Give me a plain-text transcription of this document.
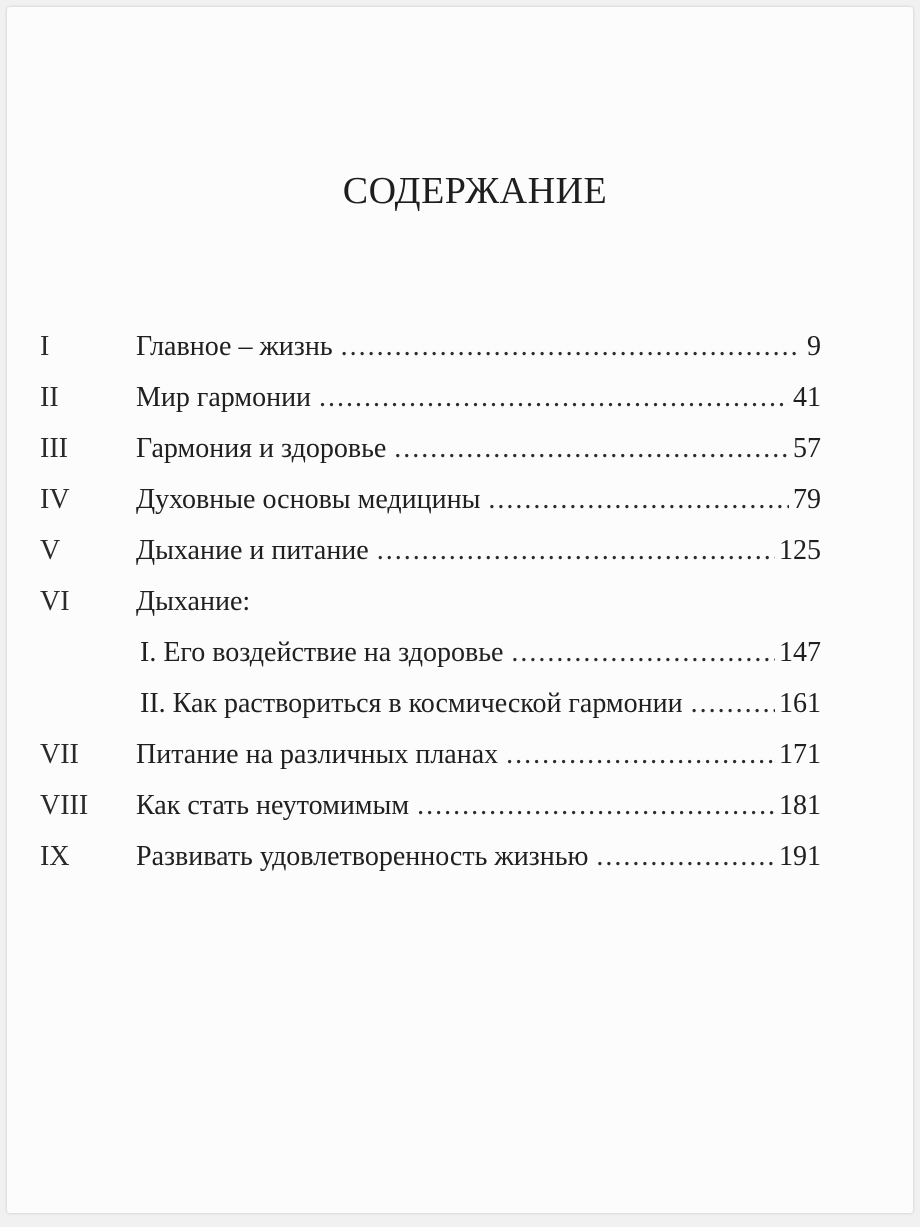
СОДЕРЖАНИЕ
I	Главное – жизнь .....	9
II	Мир гармонии .....	41
III	Гармония и здоровье .....	57
IV	Духовные основы медицины .....	79
V	Дыхание и питание .....	125
VI	Дыхание:
I. Его воздействие на здоровье .....	147
II. Как раствориться в космической гармонии .....	161
VII	Питание на различных планах .....	171
VIII	Как стать неутомимым .....	181
IX	Развивать удовлетворенность жизнью .....	191
